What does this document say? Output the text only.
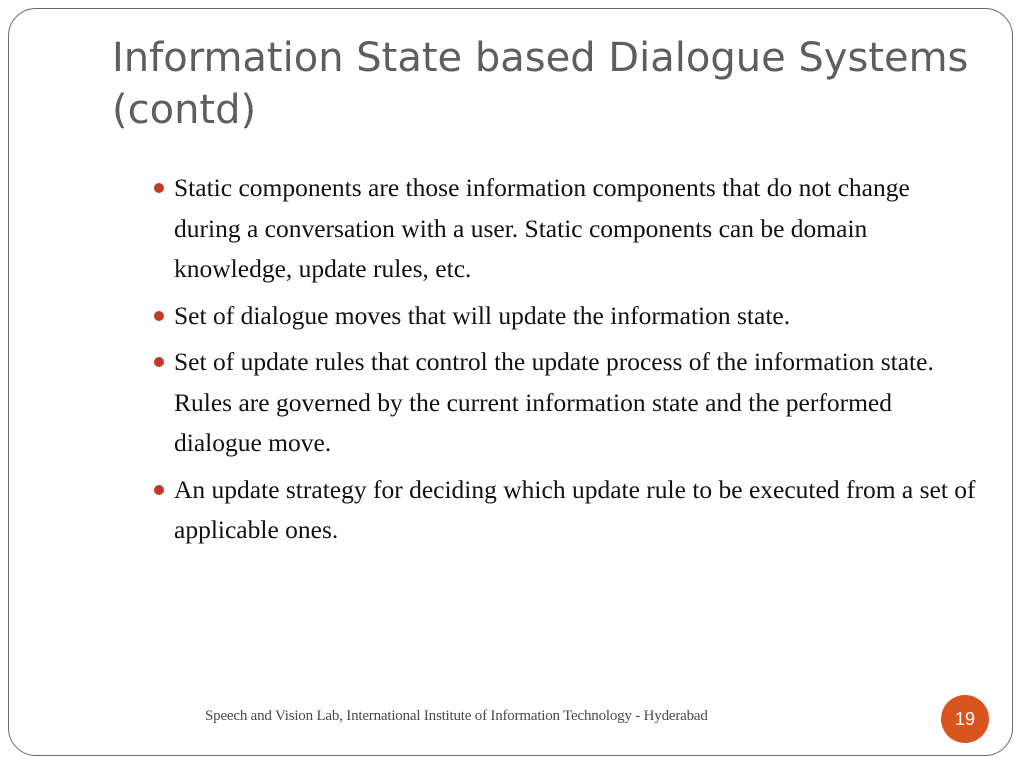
Information State based Dialogue Systems (contd)
Static components are those information components that do not change during a conversation with a user. Static components can be domain knowledge, update rules, etc.
Set of dialogue moves that will update the information state.
Set of update rules that control the update process of the information state. Rules are governed by the current information state and the performed dialogue move.
An update strategy for deciding which update rule to be executed from a set of applicable ones.
Speech and Vision Lab, International Institute of Information Technology - Hyderabad	19
